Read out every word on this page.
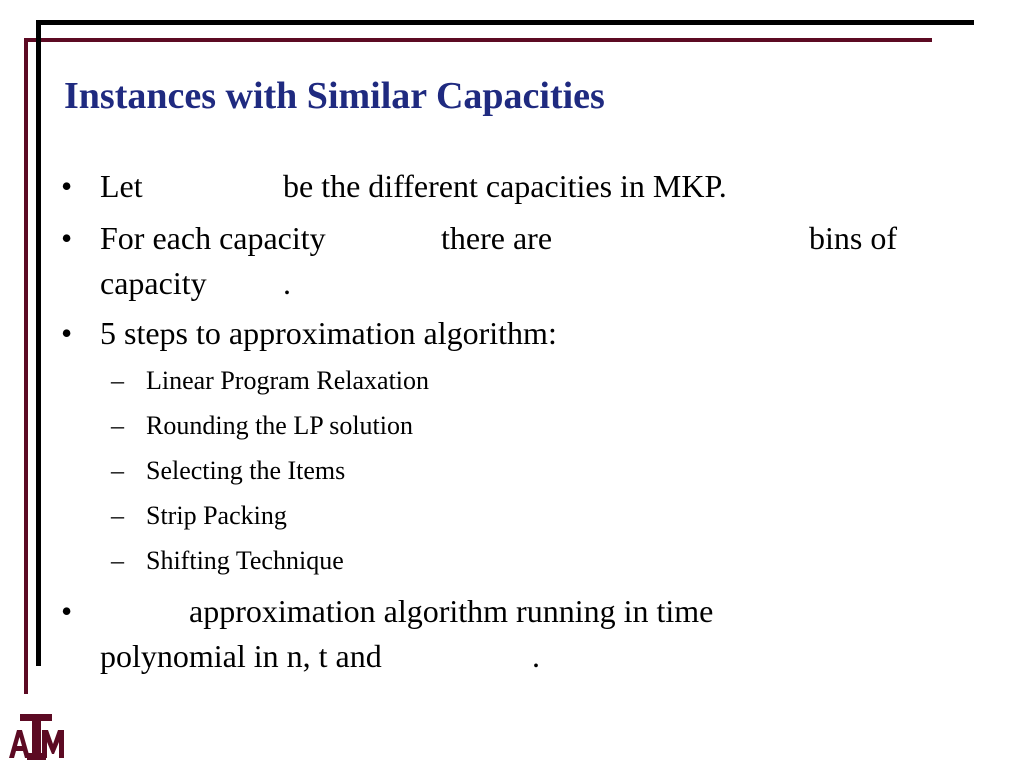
Instances with Similar Capacities
• Let	be the different capacities in MKP.
• For each capacity	there are	bins of
capacity .
• 5 steps to approximation algorithm:
– Linear Program Relaxation
– Rounding the LP solution
– Selecting the Items
– Strip Packing
– Shifting Technique
•	approximation algorithm running in time
polynomial in n, t and	.
